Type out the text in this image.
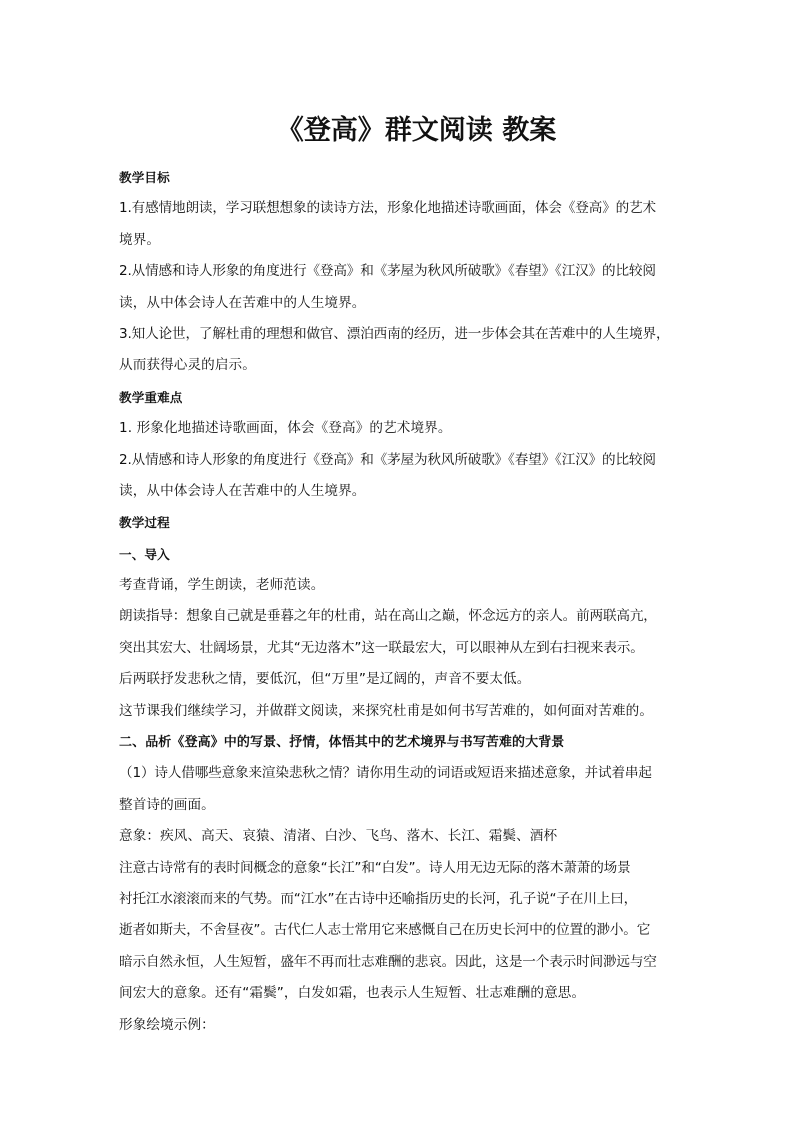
《登高》群文阅读 教案
教学目标
1.有感情地朗读，学习联想想象的读诗方法，形象化地描述诗歌画面，体会《登高》的艺术
境界。
2.从情感和诗人形象的角度进行《登高》和《茅屋为秋风所破歌》《春望》《江汉》的比较阅
读，从中体会诗人在苦难中的人生境界。
3.知人论世，了解杜甫的理想和做官、漂泊西南的经历，进一步体会其在苦难中的人生境界，
从而获得心灵的启示。
教学重难点
1. 形象化地描述诗歌画面，体会《登高》的艺术境界。
2.从情感和诗人形象的角度进行《登高》和《茅屋为秋风所破歌》《春望》《江汉》的比较阅
读，从中体会诗人在苦难中的人生境界。
教学过程
一、导入
考查背诵，学生朗读，老师范读。
朗读指导：想象自己就是垂暮之年的杜甫，站在高山之巅，怀念远方的亲人。前两联高亢，
突出其宏大、壮阔场景，尤其“无边落木”这一联最宏大，可以眼神从左到右扫视来表示。
后两联抒发悲秋之情，要低沉，但“万里”是辽阔的，声音不要太低。
这节课我们继续学习，并做群文阅读，来探究杜甫是如何书写苦难的，如何面对苦难的。
二、品析《登高》中的写景、抒情，体悟其中的艺术境界与书写苦难的大背景
（1）诗人借哪些意象来渲染悲秋之情？请你用生动的词语或短语来描述意象，并试着串起
整首诗的画面。
意象：疾风、高天、哀猿、清渚、白沙、飞鸟、落木、长江、霜鬓、酒杯
注意古诗常有的表时间概念的意象“长江”和“白发”。诗人用无边无际的落木萧萧的场景
衬托江水滚滚而来的气势。而“江水”在古诗中还喻指历史的长河，孔子说“子在川上曰，
逝者如斯夫，不舍昼夜”。古代仁人志士常用它来感慨自己在历史长河中的位置的渺小。它
暗示自然永恒，人生短暂，盛年不再而壮志难酬的悲哀。因此，这是一个表示时间渺远与空
间宏大的意象。还有“霜鬓”，白发如霜，也表示人生短暂、壮志难酬的意思。
形象绘境示例：
